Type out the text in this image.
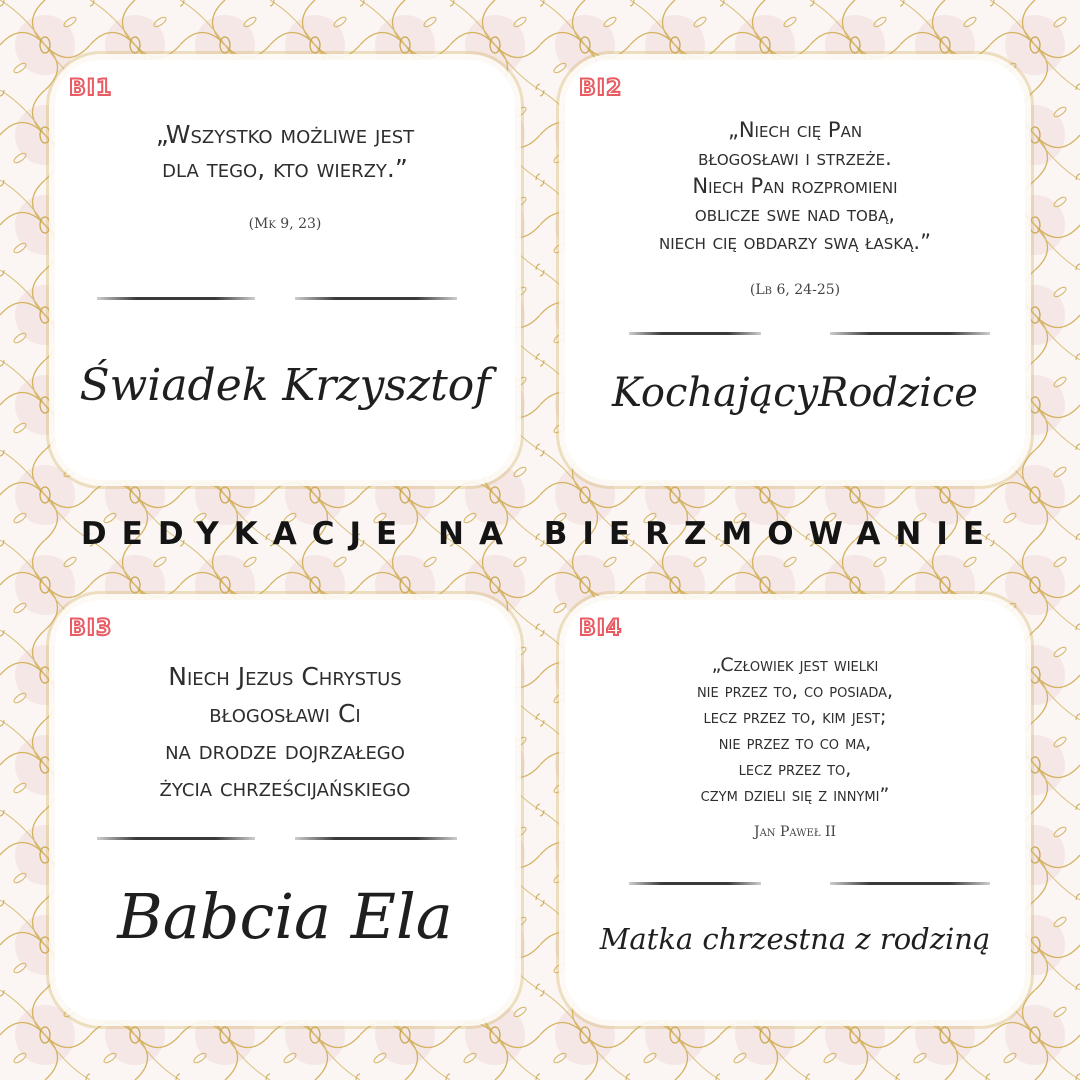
BI1
„Wszystko możliwe jest
dla tego, kto wierzy.”
(Mk 9, 23)
Świadek Krzysztof
BI2
„Niech cię Pan
błogosławi i strzeże.
Niech Pan rozpromieni
oblicze swe nad tobą,
niech cię obdarzy swą łaską.”
(Lb 6, 24-25)
KochającyRodzice
BI3
Niech Jezus Chrystus
błogosławi Ci
na drodze dojrzałego
życia chrześcijańskiego
Babcia Ela
BI4
„Człowiek jest wielki
nie przez to, co posiada,
lecz przez to, kim jest;
nie przez to co ma,
lecz przez to,
czym dzieli się z innymi”
Jan Paweł II
Matka chrzestna z rodziną
DEDYKACJE NA BIERZMOWANIE
